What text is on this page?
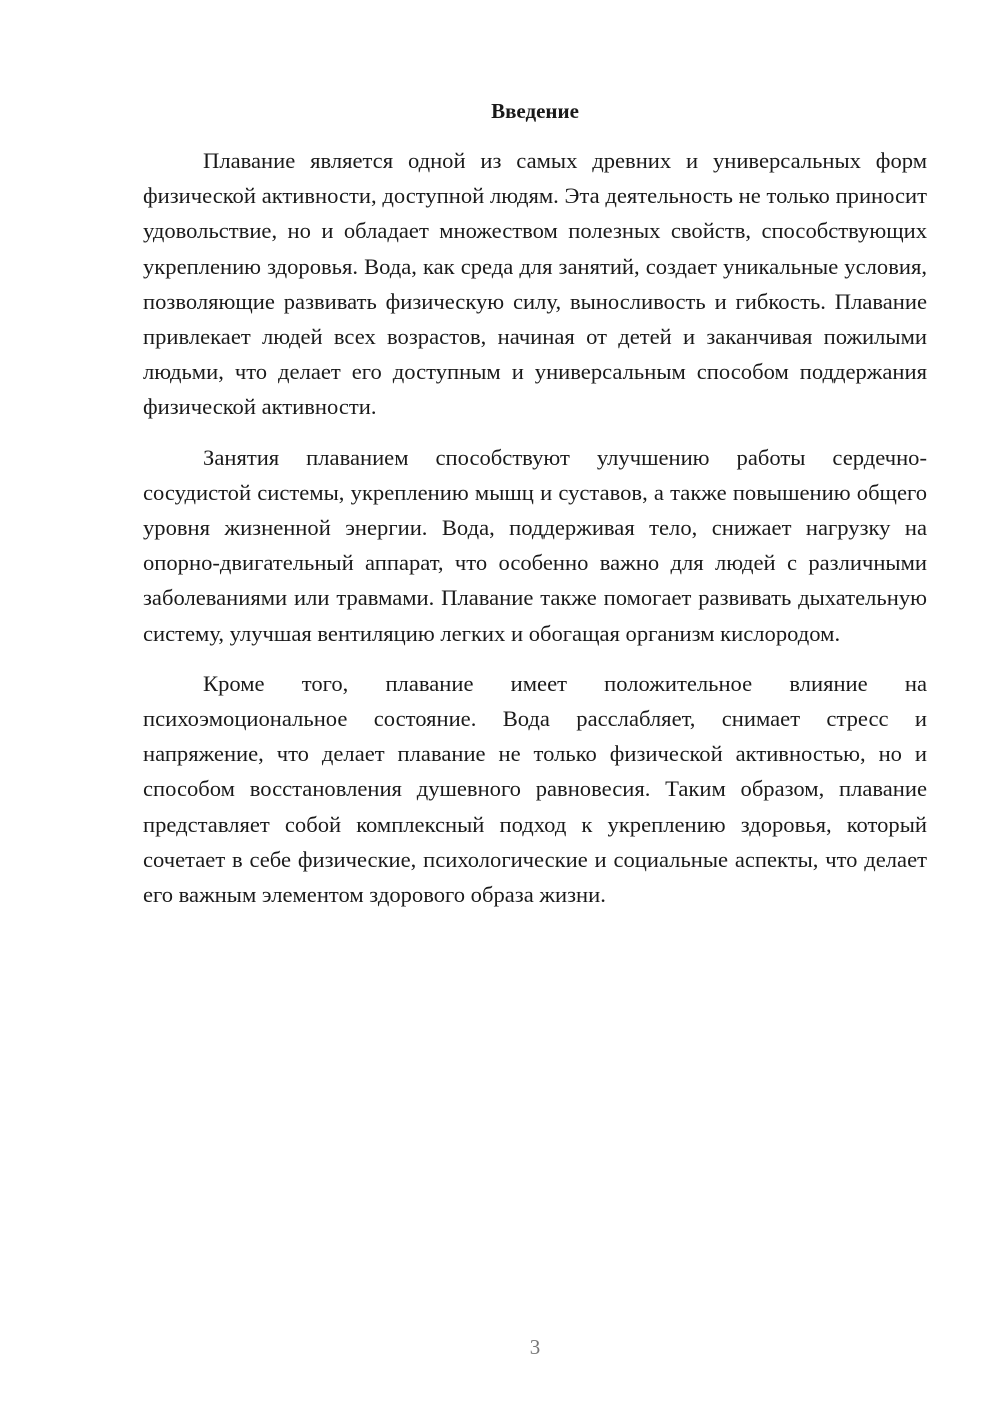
Введение

Плавание является одной из самых древних и универсальных форм физической активности, доступной людям. Эта деятельность не только приносит удовольствие, но и обладает множеством полезных свойств, способствующих укреплению здоровья. Вода, как среда для занятий, создает уникальные условия, позволяющие развивать физическую силу, выносливость и гибкость. Плавание привлекает людей всех возрастов, начиная от детей и заканчивая пожилыми людьми, что делает его доступным и универсальным способом поддержания физической активности.

Занятия плаванием способствуют улучшению работы сердечно-сосудистой системы, укреплению мышц и суставов, а также повышению общего уровня жизненной энергии. Вода, поддерживая тело, снижает нагрузку на опорно-двигательный аппарат, что особенно важно для людей с различными заболеваниями или травмами. Плавание также помогает развивать дыхательную систему, улучшая вентиляцию легких и обогащая организм кислородом.

Кроме того, плавание имеет положительное влияние на психоэмоциональное состояние. Вода расслабляет, снимает стресс и напряжение, что делает плавание не только физической активностью, но и способом восстановления душевного равновесия. Таким образом, плавание представляет собой комплексный подход к укреплению здоровья, который сочетает в себе физические, психологические и социальные аспекты, что делает его важным элементом здорового образа жизни.

3
